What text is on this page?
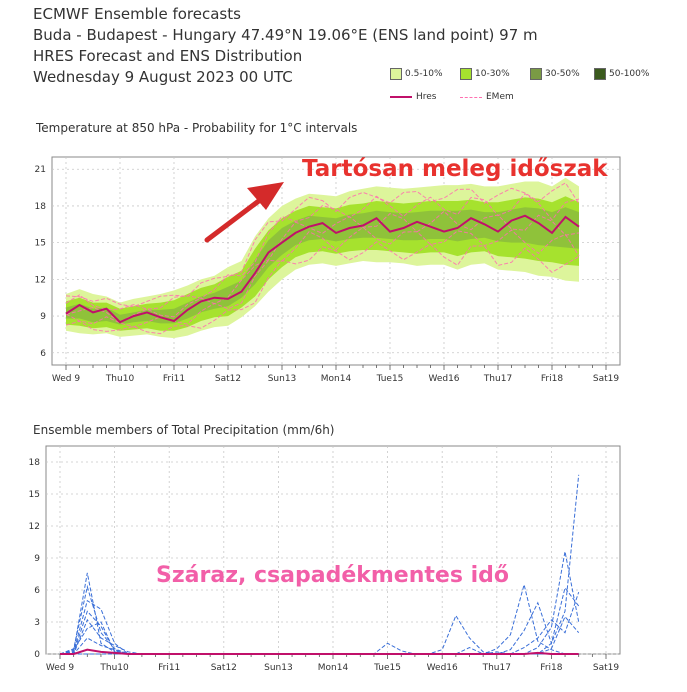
ECMWF Ensemble forecasts
Buda - Budapest - Hungary 47.49°N 19.06°E (ENS land point) 97 m
HRES Forecast and ENS Distribution
Wednesday 9 August 2023 00 UTC	0.5-10%	10-30%	30-50%	50-100%
Hres	EMem
Temperature at 850 hPa - Probability for 1°C intervals
Ensemble members of Total Precipitation (mm/6h)
6
9
12
15
18
21
Wed 9	Thu10	Fri11	Sat12	Sun13	Mon14	Tue15	Wed16	Thu17	Fri18	Sat19
0
3
6
9
12
15
18
Wed 9	Thu10	Fri11	Sat12	Sun13	Mon14	Tue15	Wed16	Thu17	Fri18	Sat19
Tartósan meleg időszak
Száraz, csapadékmentes idő
